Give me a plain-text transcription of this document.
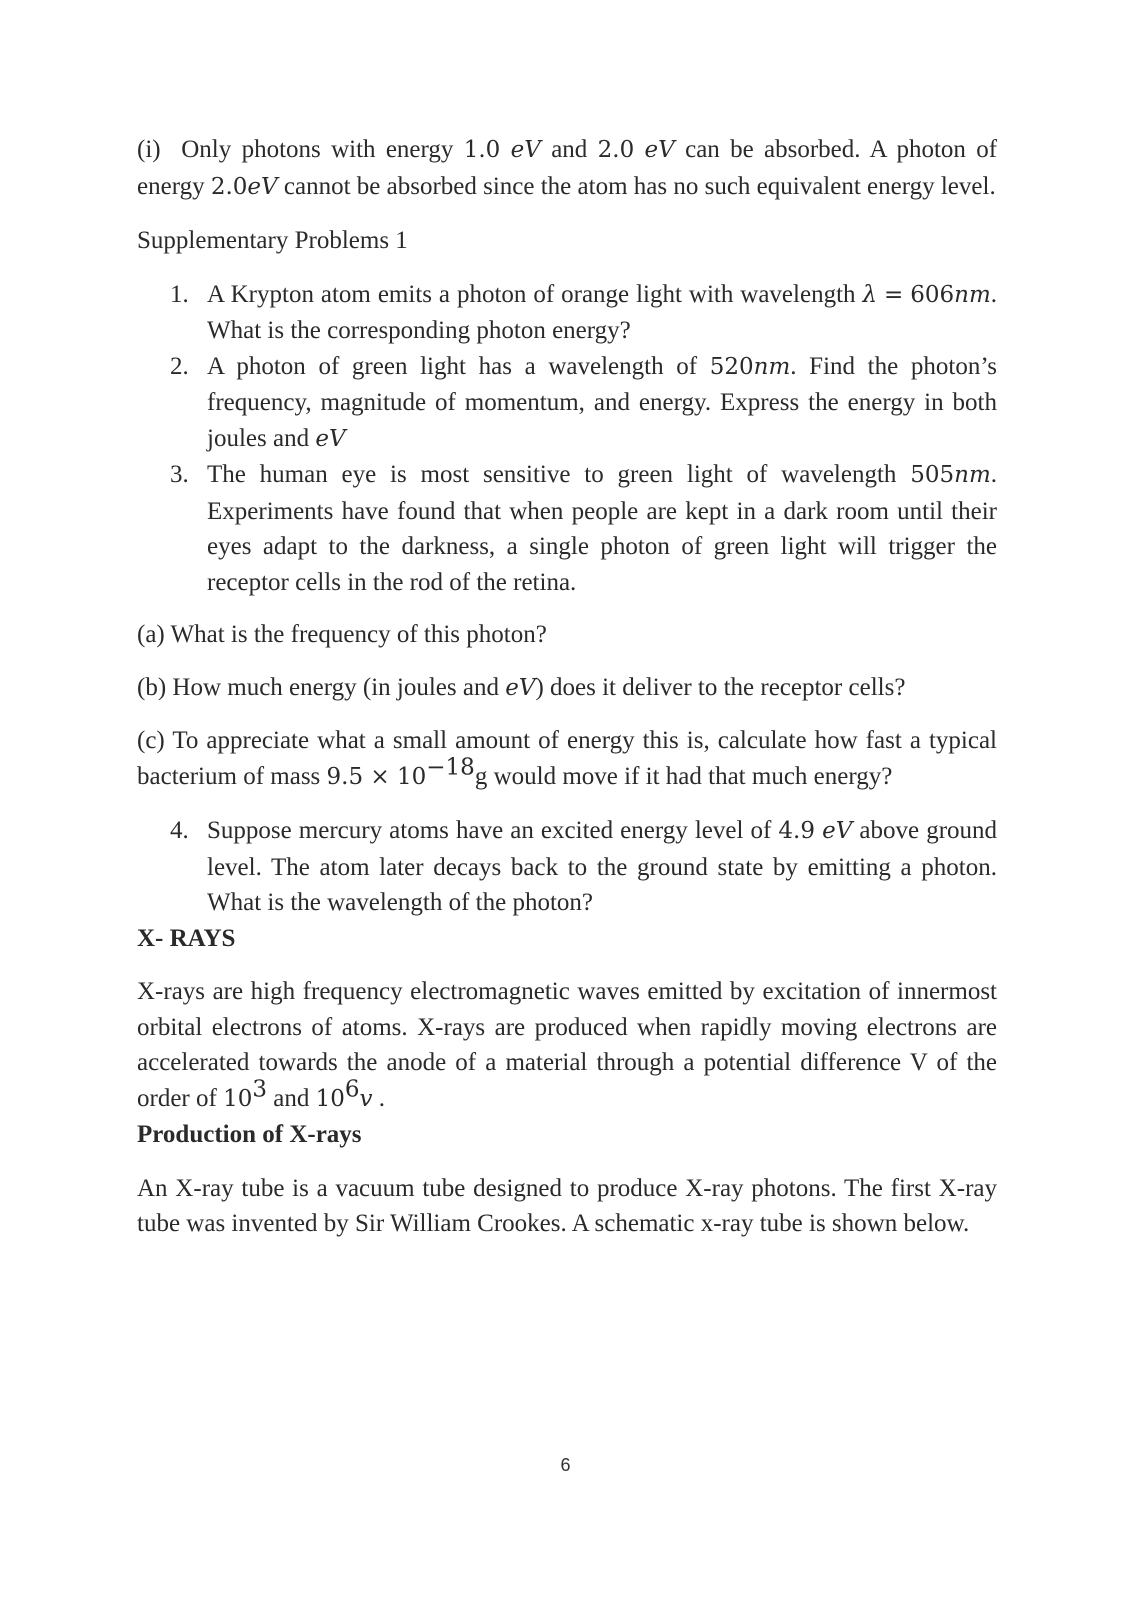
(i) Only photons with energy 1.0 eV and 2.0 eV can be absorbed. A photon of energy 2.0eV cannot be absorbed since the atom has no such equivalent energy level.

Supplementary Problems 1

1. A Krypton atom emits a photon of orange light with wavelength λ = 606nm. What is the corresponding photon energy?
2. A photon of green light has a wavelength of 520nm. Find the photon’s frequency, magnitude of momentum, and energy. Express the energy in both joules and eV
3. The human eye is most sensitive to green light of wavelength 505nm. Experiments have found that when people are kept in a dark room until their eyes adapt to the darkness, a single photon of green light will trigger the receptor cells in the rod of the retina.

(a) What is the frequency of this photon?

(b) How much energy (in joules and eV) does it deliver to the receptor cells?

(c) To appreciate what a small amount of energy this is, calculate how fast a typical bacterium of mass $9.5 \times 10^{-18}g$ would move if it had that much energy?

4. Suppose mercury atoms have an excited energy level of 4.9 eV above ground level. The atom later decays back to the ground state by emitting a photon. What is the wavelength of the photon?

X- RAYS

X-rays are high frequency electromagnetic waves emitted by excitation of innermost orbital electrons of atoms. X-rays are produced when rapidly moving electrons are accelerated towards the anode of a material through a potential difference V of the order of $10^3$ and $10^6v$ .

Production of X-rays

An X-ray tube is a vacuum tube designed to produce X-ray photons. The first X-ray tube was invented by Sir William Crookes. A schematic x-ray tube is shown below.

6
